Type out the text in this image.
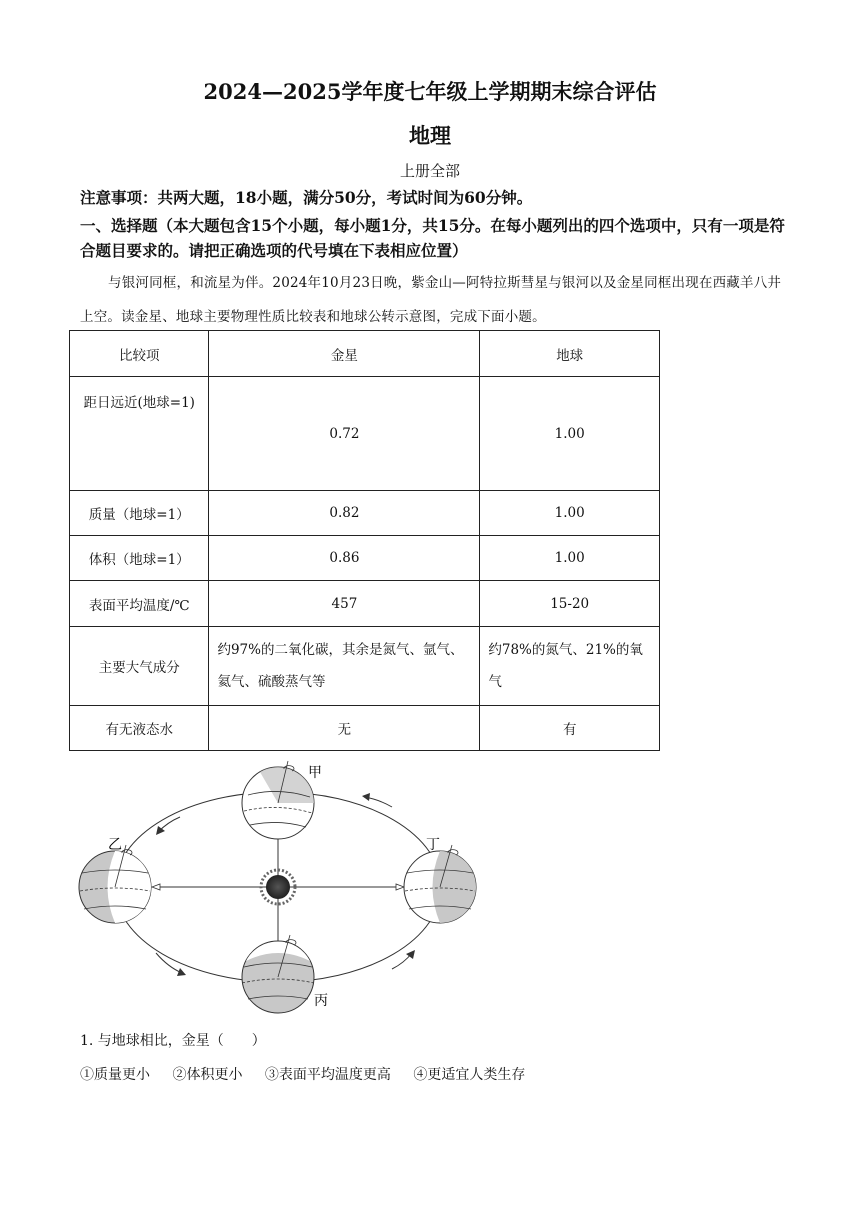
2024—2025学年度七年级上学期期末综合评估
地理

上册全部

注意事项：共两大题，18小题，满分50分，考试时间为60分钟。

一、选择题（本大题包含15个小题，每小题1分，共15分。在每小题列出的四个选项中，只有一项是符合题目要求的。请把正确选项的代号填在下表相应位置）

与银河同框，和流星为伴。2024年10月23日晚，紫金山—阿特拉斯彗星与银河以及金星同框出现在西藏羊八井上空。读金星、地球主要物理性质比较表和地球公转示意图，完成下面小题。

比较项	金星	地球
距日远近(地球=1)	0.72	1.00
质量（地球=1）	0.82	1.00
体积（地球=1）	0.86	1.00
表面平均温度/℃	457	15-20
主要大气成分	约97%的二氧化碳，其余是氮气、氩气、氦气、硫酸蒸气等	约78%的氮气、21%的氧气
有无液态水	无	有
甲
乙
丙
丁

1. 与地球相比，金星（　　）

①质量更小 ②体积更小 ③表面平均温度更高 ④更适宜人类生存
